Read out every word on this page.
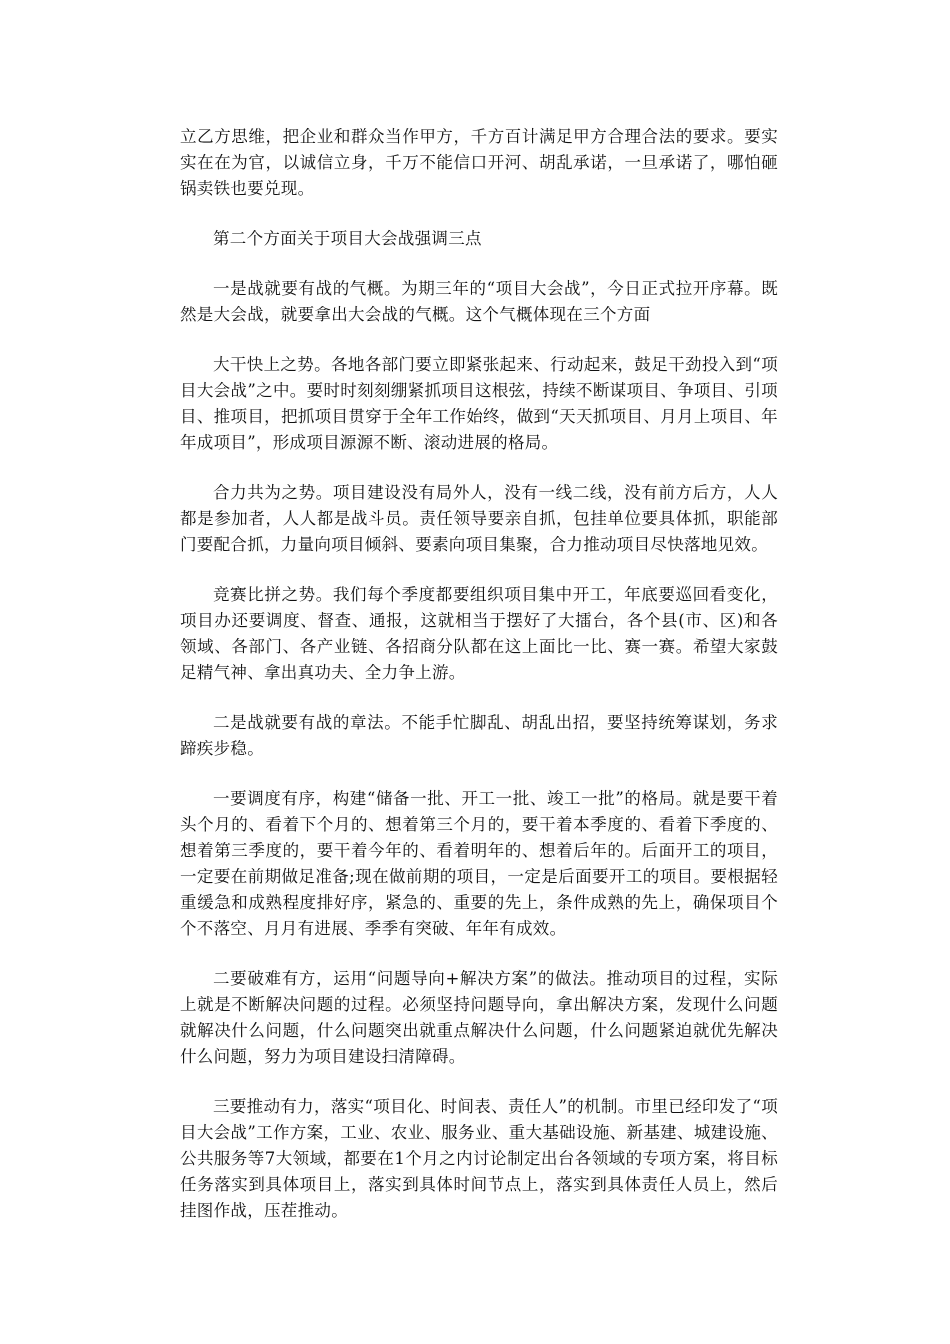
立乙方思维，把企业和群众当作甲方，千方百计满足甲方合理合法的要求。要实实在在为官，以诚信立身，千万不能信口开河、胡乱承诺，一旦承诺了，哪怕砸锅卖铁也要兑现。

第二个方面关于项目大会战强调三点

一是战就要有战的气概。为期三年的“项目大会战”，今日正式拉开序幕。既然是大会战，就要拿出大会战的气概。这个气概体现在三个方面

大干快上之势。各地各部门要立即紧张起来、行动起来，鼓足干劲投入到“项目大会战”之中。要时时刻刻绷紧抓项目这根弦，持续不断谋项目、争项目、引项目、推项目，把抓项目贯穿于全年工作始终，做到“天天抓项目、月月上项目、年年成项目”，形成项目源源不断、滚动进展的格局。

合力共为之势。项目建设没有局外人，没有一线二线，没有前方后方，人人都是参加者，人人都是战斗员。责任领导要亲自抓，包挂单位要具体抓，职能部门要配合抓，力量向项目倾斜、要素向项目集聚，合力推动项目尽快落地见效。

竞赛比拼之势。我们每个季度都要组织项目集中开工，年底要巡回看变化，项目办还要调度、督查、通报，这就相当于摆好了大擂台，各个县(市、区)和各领域、各部门、各产业链、各招商分队都在这上面比一比、赛一赛。希望大家鼓足精气神、拿出真功夫、全力争上游。

二是战就要有战的章法。不能手忙脚乱、胡乱出招，要坚持统筹谋划，务求蹄疾步稳。

一要调度有序，构建“储备一批、开工一批、竣工一批”的格局。就是要干着头个月的、看着下个月的、想着第三个月的，要干着本季度的、看着下季度的、想着第三季度的，要干着今年的、看着明年的、想着后年的。后面开工的项目，一定要在前期做足准备;现在做前期的项目，一定是后面要开工的项目。要根据轻重缓急和成熟程度排好序，紧急的、重要的先上，条件成熟的先上，确保项目个个不落空、月月有进展、季季有突破、年年有成效。

二要破难有方，运用“问题导向+解决方案”的做法。推动项目的过程，实际上就是不断解决问题的过程。必须坚持问题导向，拿出解决方案，发现什么问题就解决什么问题，什么问题突出就重点解决什么问题，什么问题紧迫就优先解决什么问题，努力为项目建设扫清障碍。

三要推动有力，落实“项目化、时间表、责任人”的机制。市里已经印发了“项目大会战”工作方案，工业、农业、服务业、重大基础设施、新基建、城建设施、公共服务等7大领域，都要在1个月之内讨论制定出台各领域的专项方案，将目标任务落实到具体项目上，落实到具体时间节点上，落实到具体责任人员上，然后挂图作战，压茬推动。
